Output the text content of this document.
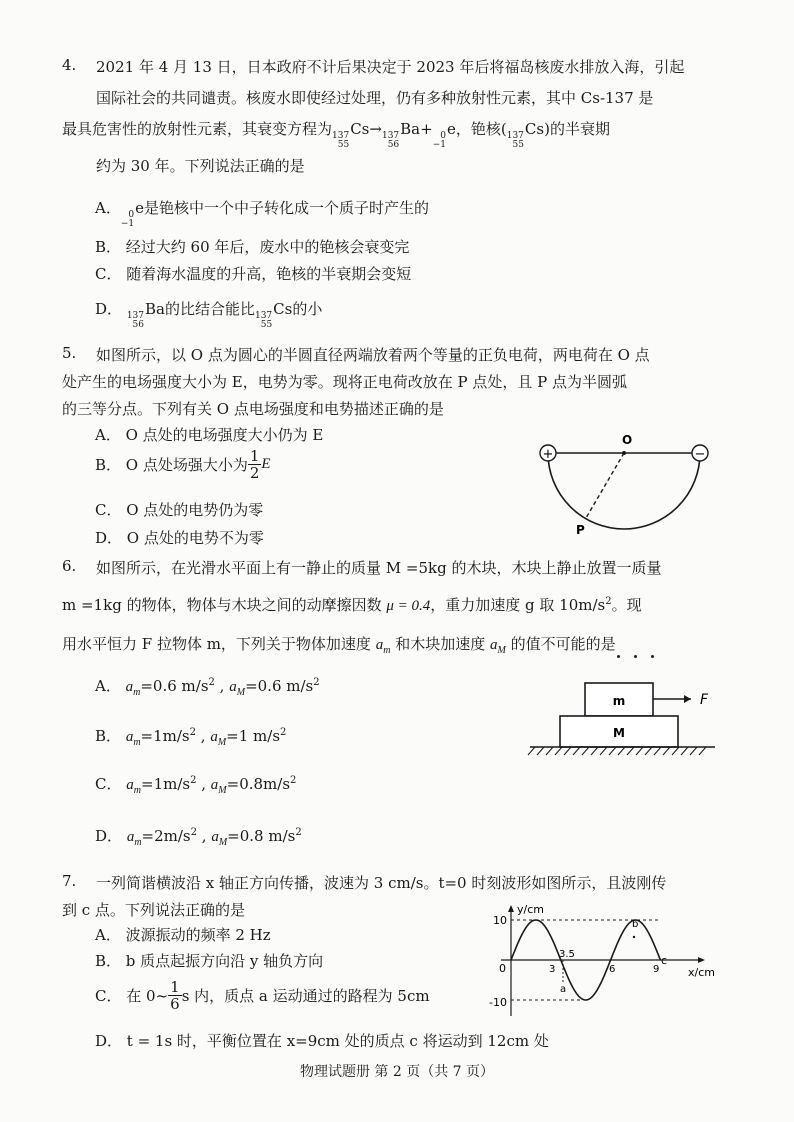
4. 2021 年 4 月 13 日，日本政府不计后果决定于 2023 年后将福岛核废水排放入海，引起
国际社会的共同谴责。核废水即使经过处理，仍有多种放射性元素，其中 Cs-137 是
最具危害性的放射性元素，其衰变方程为 137
55
Cs→ 137
56
Ba+ 0
−1
e，铯核( 137
55
Cs)的半衰期
约为 30 年。下列说法正确的是
A． 0
−1
e是铯核中一个中子转化成一个质子时产生的
B． 经过大约 60 年后，废水中的铯核会衰变完
C． 随着海水温度的升高，铯核的半衰期会变短
D． 137
56
Ba的比结合能比 137
55
Cs的小
5. 如图所示，以 O 点为圆心的半圆直径两端放着两个等量的正负电荷，两电荷在 O 点
处产生的电场强度大小为 E，电势为零。现将正电荷改放在 P 点处，且 P 点为半圆弧
的三等分点。下列有关 O 点电场强度和电势描述正确的是
A． O 点处的电场强度大小仍为 E
B． O 点处场强大小为 $\frac{1}{2}$ E
C． O 点处的电势仍为零
D． O 点处的电势不为零
+	−
O
P
6. 如图所示，在光滑水平面上有一静止的质量 M =5kg 的木块，木块上静止放置一质量
m =1kg 的物体，物体与木块之间的动摩擦因数 μ = 0.4，重力加速度 g 取 $10m/s^2$。现
用水平恒力 F 拉物体 m，下列关于物体加速度 $a_m$ 和木块加速度 $a_M$ 的值不可能的是
A． $a_m=0.6$ $m/s^2$ , $a_M=0.6$ $m/s^2$
B． $a_m=1m/s^2$ , $a_M=1$ $m/s^2$
C． $a_m=1m/s^2$ , $a_M=0.8m/s^2$
D． $a_m=2m/s^2$ , $a_M=0.8$ $m/s^2$
m
M
F
7. 一列简谐横波沿 x 轴正方向传播，波速为 3 cm/s。t=0 时刻波形如图所示，且波刚传
到 c 点。下列说法正确的是
A． 波源振动的频率 2 Hz
B． b 质点起振方向沿 y 轴负方向
C． 在 0~ $\frac{1}{6}$ s 内，质点 a 运动通过的路程为 5cm
D． t = 1s 时，平衡位置在 x=9cm 处的质点 c 将运动到 12cm 处
y/cm
x/cm
10
0
-10
3
3.5
6	9
a
b
c
物理试题册 第 2 页（共 7 页）
